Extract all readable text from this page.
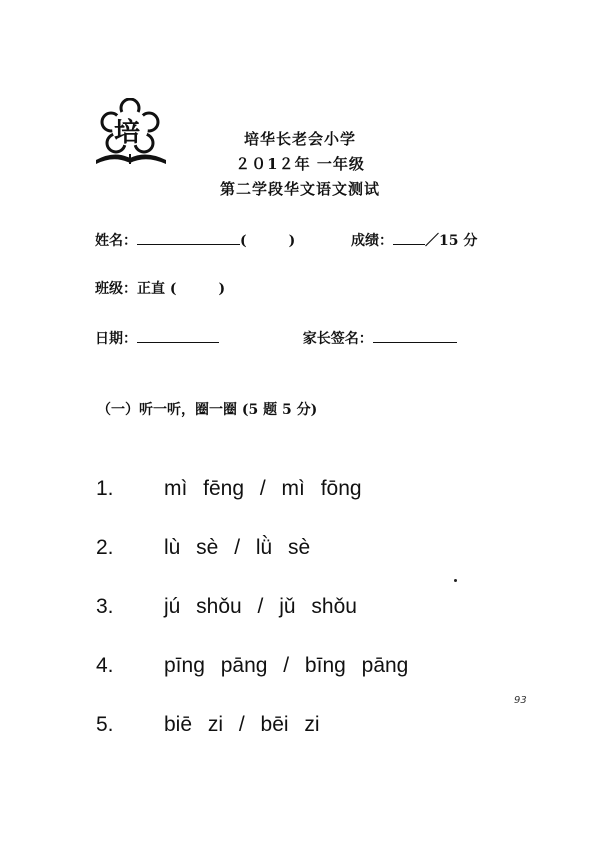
培	培华长老会小学
２０1２年 一年级
第二学段华文语文测试
姓名：	(	)	成绩： ／15 分
班级：正直 (	)
日期：	家长签名：
（一）听一听，圈一圈 (5 题 5 分)
1. mì fēng / mì fōng
2. lù sè / lǜ sè
3. jú shǒu / jǔ shǒu
4. pīng pāng / bīng pāng
5. biē zi / bēi zi
93
